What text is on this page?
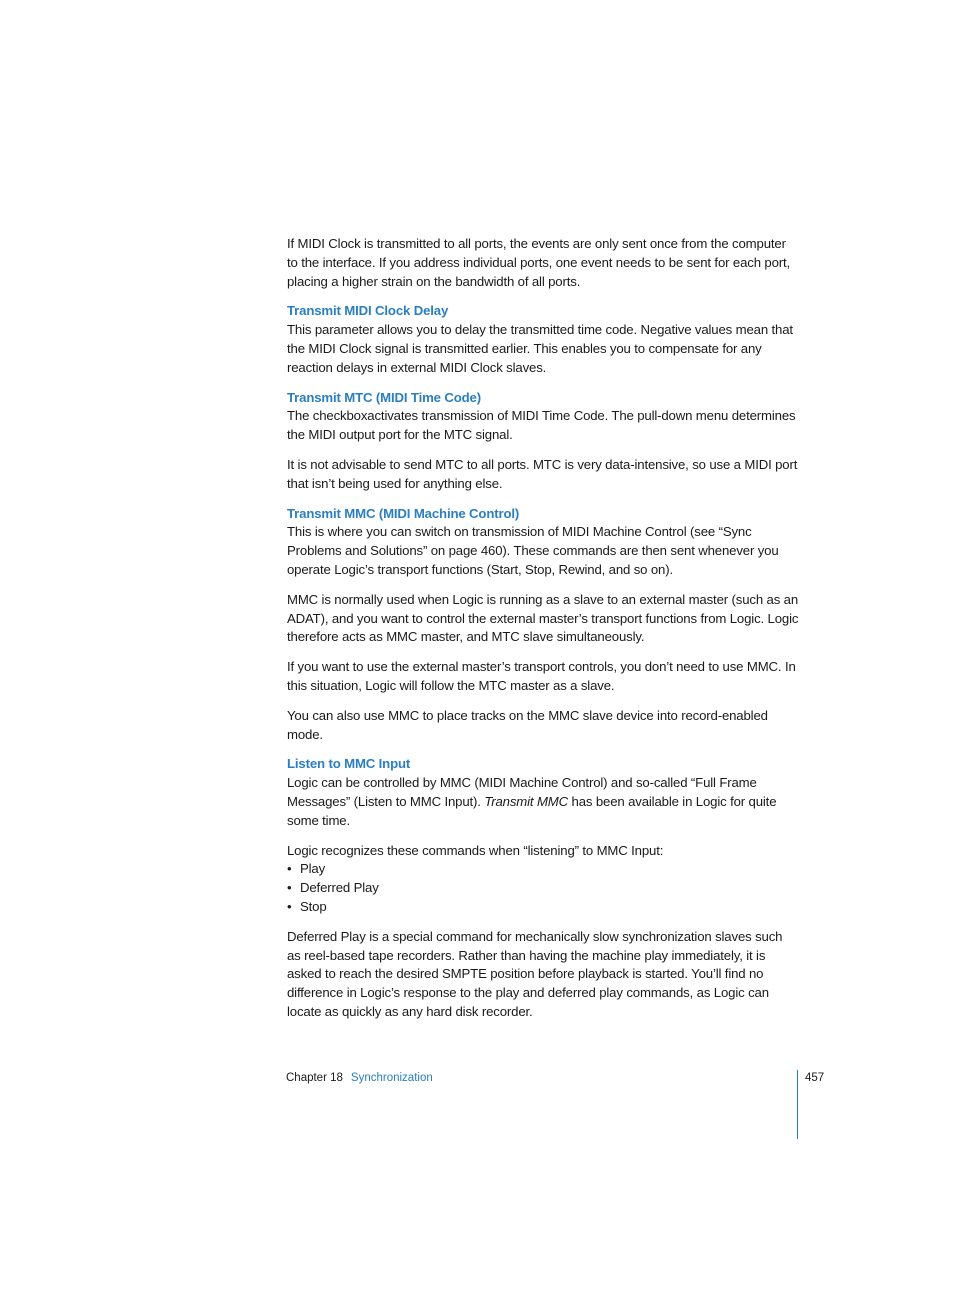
If MIDI Clock is transmitted to all ports, the events are only sent once from the computer to the interface. If you address individual ports, one event needs to be sent for each port, placing a higher strain on the bandwidth of all ports.

Transmit MIDI Clock Delay

This parameter allows you to delay the transmitted time code. Negative values mean that the MIDI Clock signal is transmitted earlier. This enables you to compensate for any reaction delays in external MIDI Clock slaves.

Transmit MTC (MIDI Time Code)

The checkboxactivates transmission of MIDI Time Code. The pull-down menu determines the MIDI output port for the MTC signal.

It is not advisable to send MTC to all ports. MTC is very data-intensive, so use a MIDI port that isn’t being used for anything else.

Transmit MMC (MIDI Machine Control)

This is where you can switch on transmission of MIDI Machine Control (see “Sync Problems and Solutions” on page 460). These commands are then sent whenever you operate Logic’s transport functions (Start, Stop, Rewind, and so on).

MMC is normally used when Logic is running as a slave to an external master (such as an ADAT), and you want to control the external master’s transport functions from Logic. Logic therefore acts as MMC master, and MTC slave simultaneously.

If you want to use the external master’s transport controls, you don’t need to use MMC. In this situation, Logic will follow the MTC master as a slave.

You can also use MMC to place tracks on the MMC slave device into record-enabled mode.

Listen to MMC Input

Logic can be controlled by MMC (MIDI Machine Control) and so-called “Full Frame Messages” (Listen to MMC Input). Transmit MMC has been available in Logic for quite some time.

Logic recognizes these commands when “listening” to MMC Input:

• Play
• Deferred Play
• Stop

Deferred Play is a special command for mechanically slow synchronization slaves such as reel-based tape recorders. Rather than having the machine play immediately, it is asked to reach the desired SMPTE position before playback is started. You’ll find no difference in Logic’s response to the play and deferred play commands, as Logic can locate as quickly as any hard disk recorder.

Chapter 18 Synchronization	457
